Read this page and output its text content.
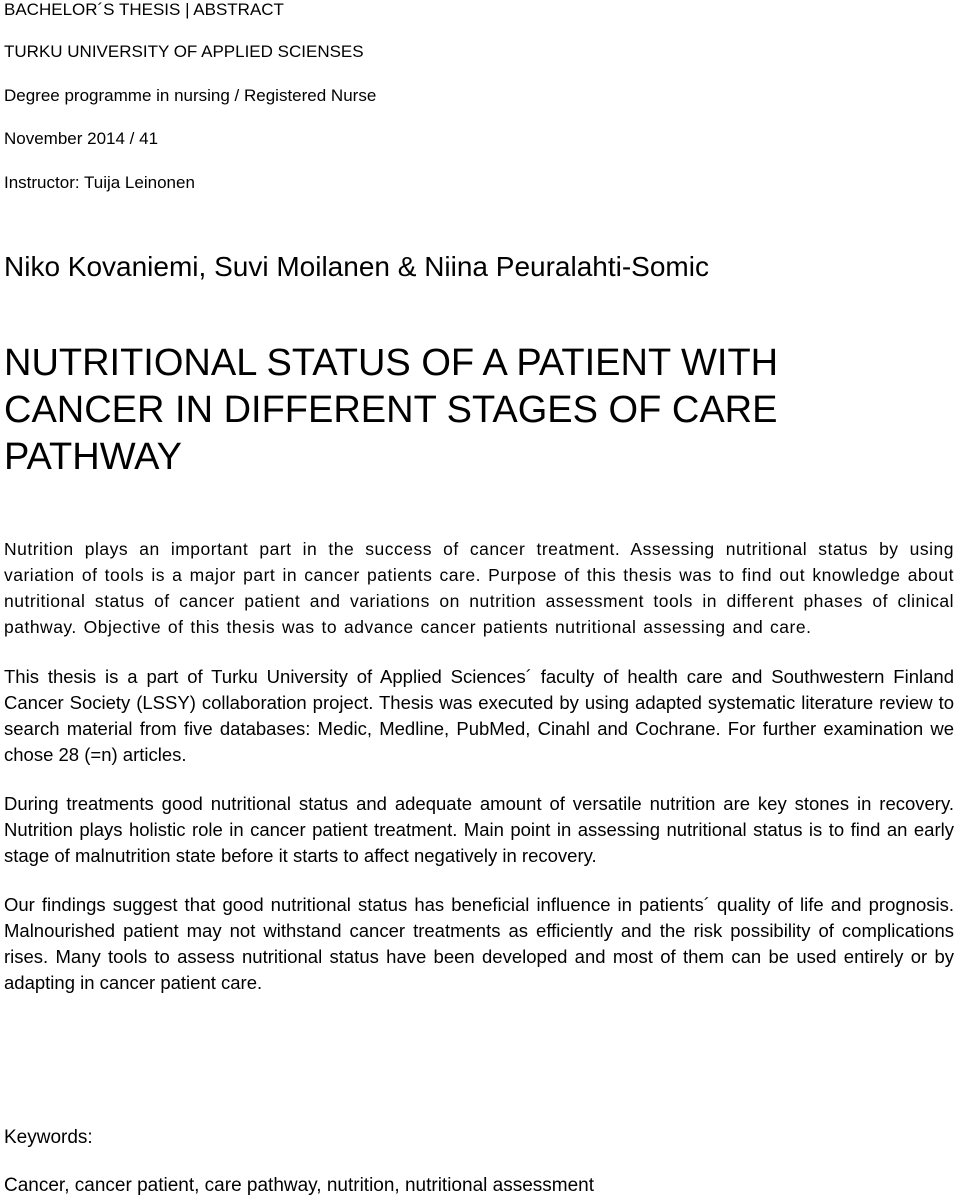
BACHELOR´S THESIS | ABSTRACT
TURKU UNIVERSITY OF APPLIED SCIENSES
Degree programme in nursing / Registered Nurse
November 2014 / 41
Instructor: Tuija Leinonen
Niko Kovaniemi, Suvi Moilanen & Niina Peuralahti-Somic
NUTRITIONAL STATUS OF A PATIENT WITH
CANCER IN DIFFERENT STAGES OF CARE
PATHWAY

Nutrition plays an important part in the success of cancer treatment. Assessing nutritional status by using variation of tools is a major part in cancer patients care. Purpose of this thesis was to find out knowledge about nutritional status of cancer patient and variations on nutrition assessment tools in different phases of clinical pathway. Objective of this thesis was to advance cancer patients nutritional assessing and care.

This thesis is a part of Turku University of Applied Sciences´ faculty of health care and Southwestern Finland Cancer Society (LSSY) collaboration project. Thesis was executed by using adapted systematic literature review to search material from five databases: Medic, Medline, PubMed, Cinahl and Cochrane. For further examination we chose 28 (=n) articles.

During treatments good nutritional status and adequate amount of versatile nutrition are key stones in recovery. Nutrition plays holistic role in cancer patient treatment. Main point in assessing nutritional status is to find an early stage of malnutrition state before it starts to affect negatively in recovery.

Our findings suggest that good nutritional status has beneficial influence in patients´ quality of life and prognosis. Malnourished patient may not withstand cancer treatments as efficiently and the risk possibility of complications rises. Many tools to assess nutritional status have been developed and most of them can be used entirely or by adapting in cancer patient care.

Keywords:
Cancer, cancer patient, care pathway, nutrition, nutritional assessment
